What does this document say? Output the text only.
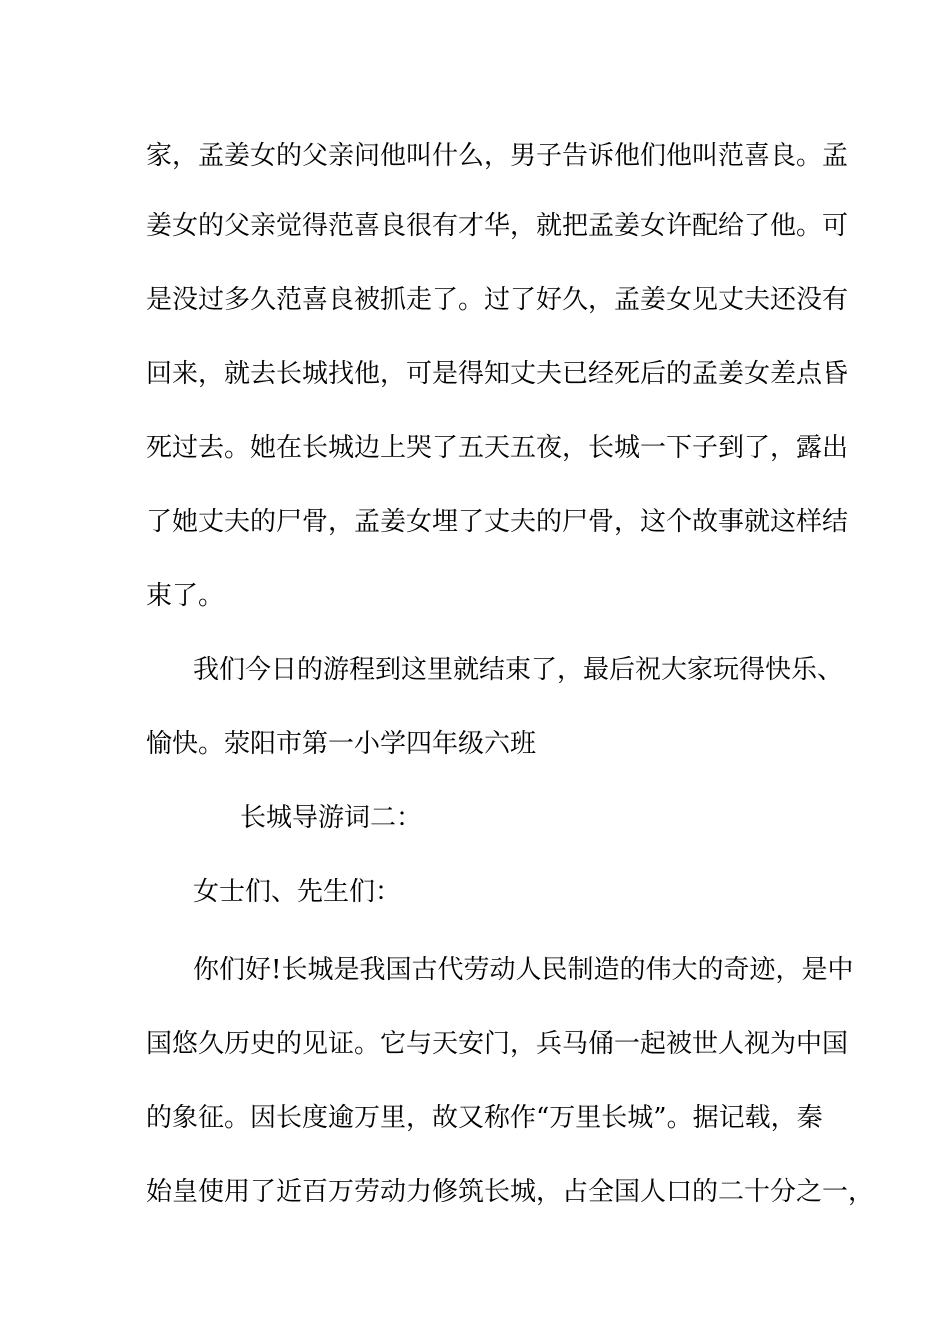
家，孟姜女的父亲问他叫什么，男子告诉他们他叫范喜良。孟
姜女的父亲觉得范喜良很有才华，就把孟姜女许配给了他。可
是没过多久范喜良被抓走了。过了好久，孟姜女见丈夫还没有
回来，就去长城找他，可是得知丈夫已经死后的孟姜女差点昏
死过去。她在长城边上哭了五天五夜，长城一下子到了，露出
了她丈夫的尸骨，孟姜女埋了丈夫的尸骨，这个故事就这样结
束了。
我们今日的游程到这里就结束了，最后祝大家玩得快乐、
愉快。荥阳市第一小学四年级六班
长城导游词二：
女士们、先生们：
你们好!长城是我国古代劳动人民制造的伟大的奇迹，是中
国悠久历史的见证。它与天安门，兵马俑一起被世人视为中国
的象征。因长度逾万里，故又称作“万里长城”。据记载，秦
始皇使用了近百万劳动力修筑长城，占全国人口的二十分之一，
